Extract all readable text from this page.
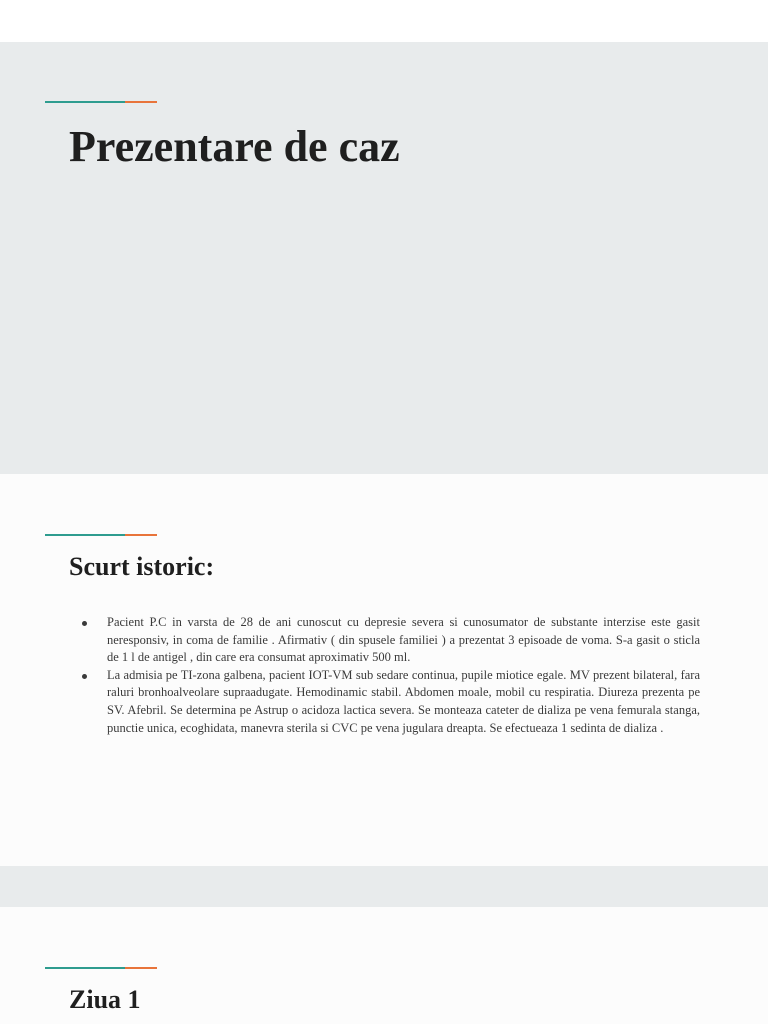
Prezentare de caz
Scurt istoric:
Pacient P.C in varsta de 28 de ani cunoscut cu depresie severa si cunosumator de substante interzise este gasit neresponsiv, in coma de familie . Afirmativ ( din spusele familiei ) a prezentat 3 episoade de voma. S-a gasit o sticla de 1 l de antigel , din care era consumat aproximativ 500 ml.
La admisia pe TI-zona galbena, pacient IOT-VM sub sedare continua, pupile miotice egale. MV prezent bilateral, fara raluri bronhoalveolare supraadugate. Hemodinamic stabil. Abdomen moale, mobil cu respiratia. Diureza prezenta pe SV. Afebril. Se determina pe Astrup o acidoza lactica severa. Se monteaza cateter de dializa pe vena femurala stanga, punctie unica, ecoghidata, manevra sterila si CVC pe vena jugulara dreapta. Se efectueaza 1 sedinta de dializa .
Ziua 1
